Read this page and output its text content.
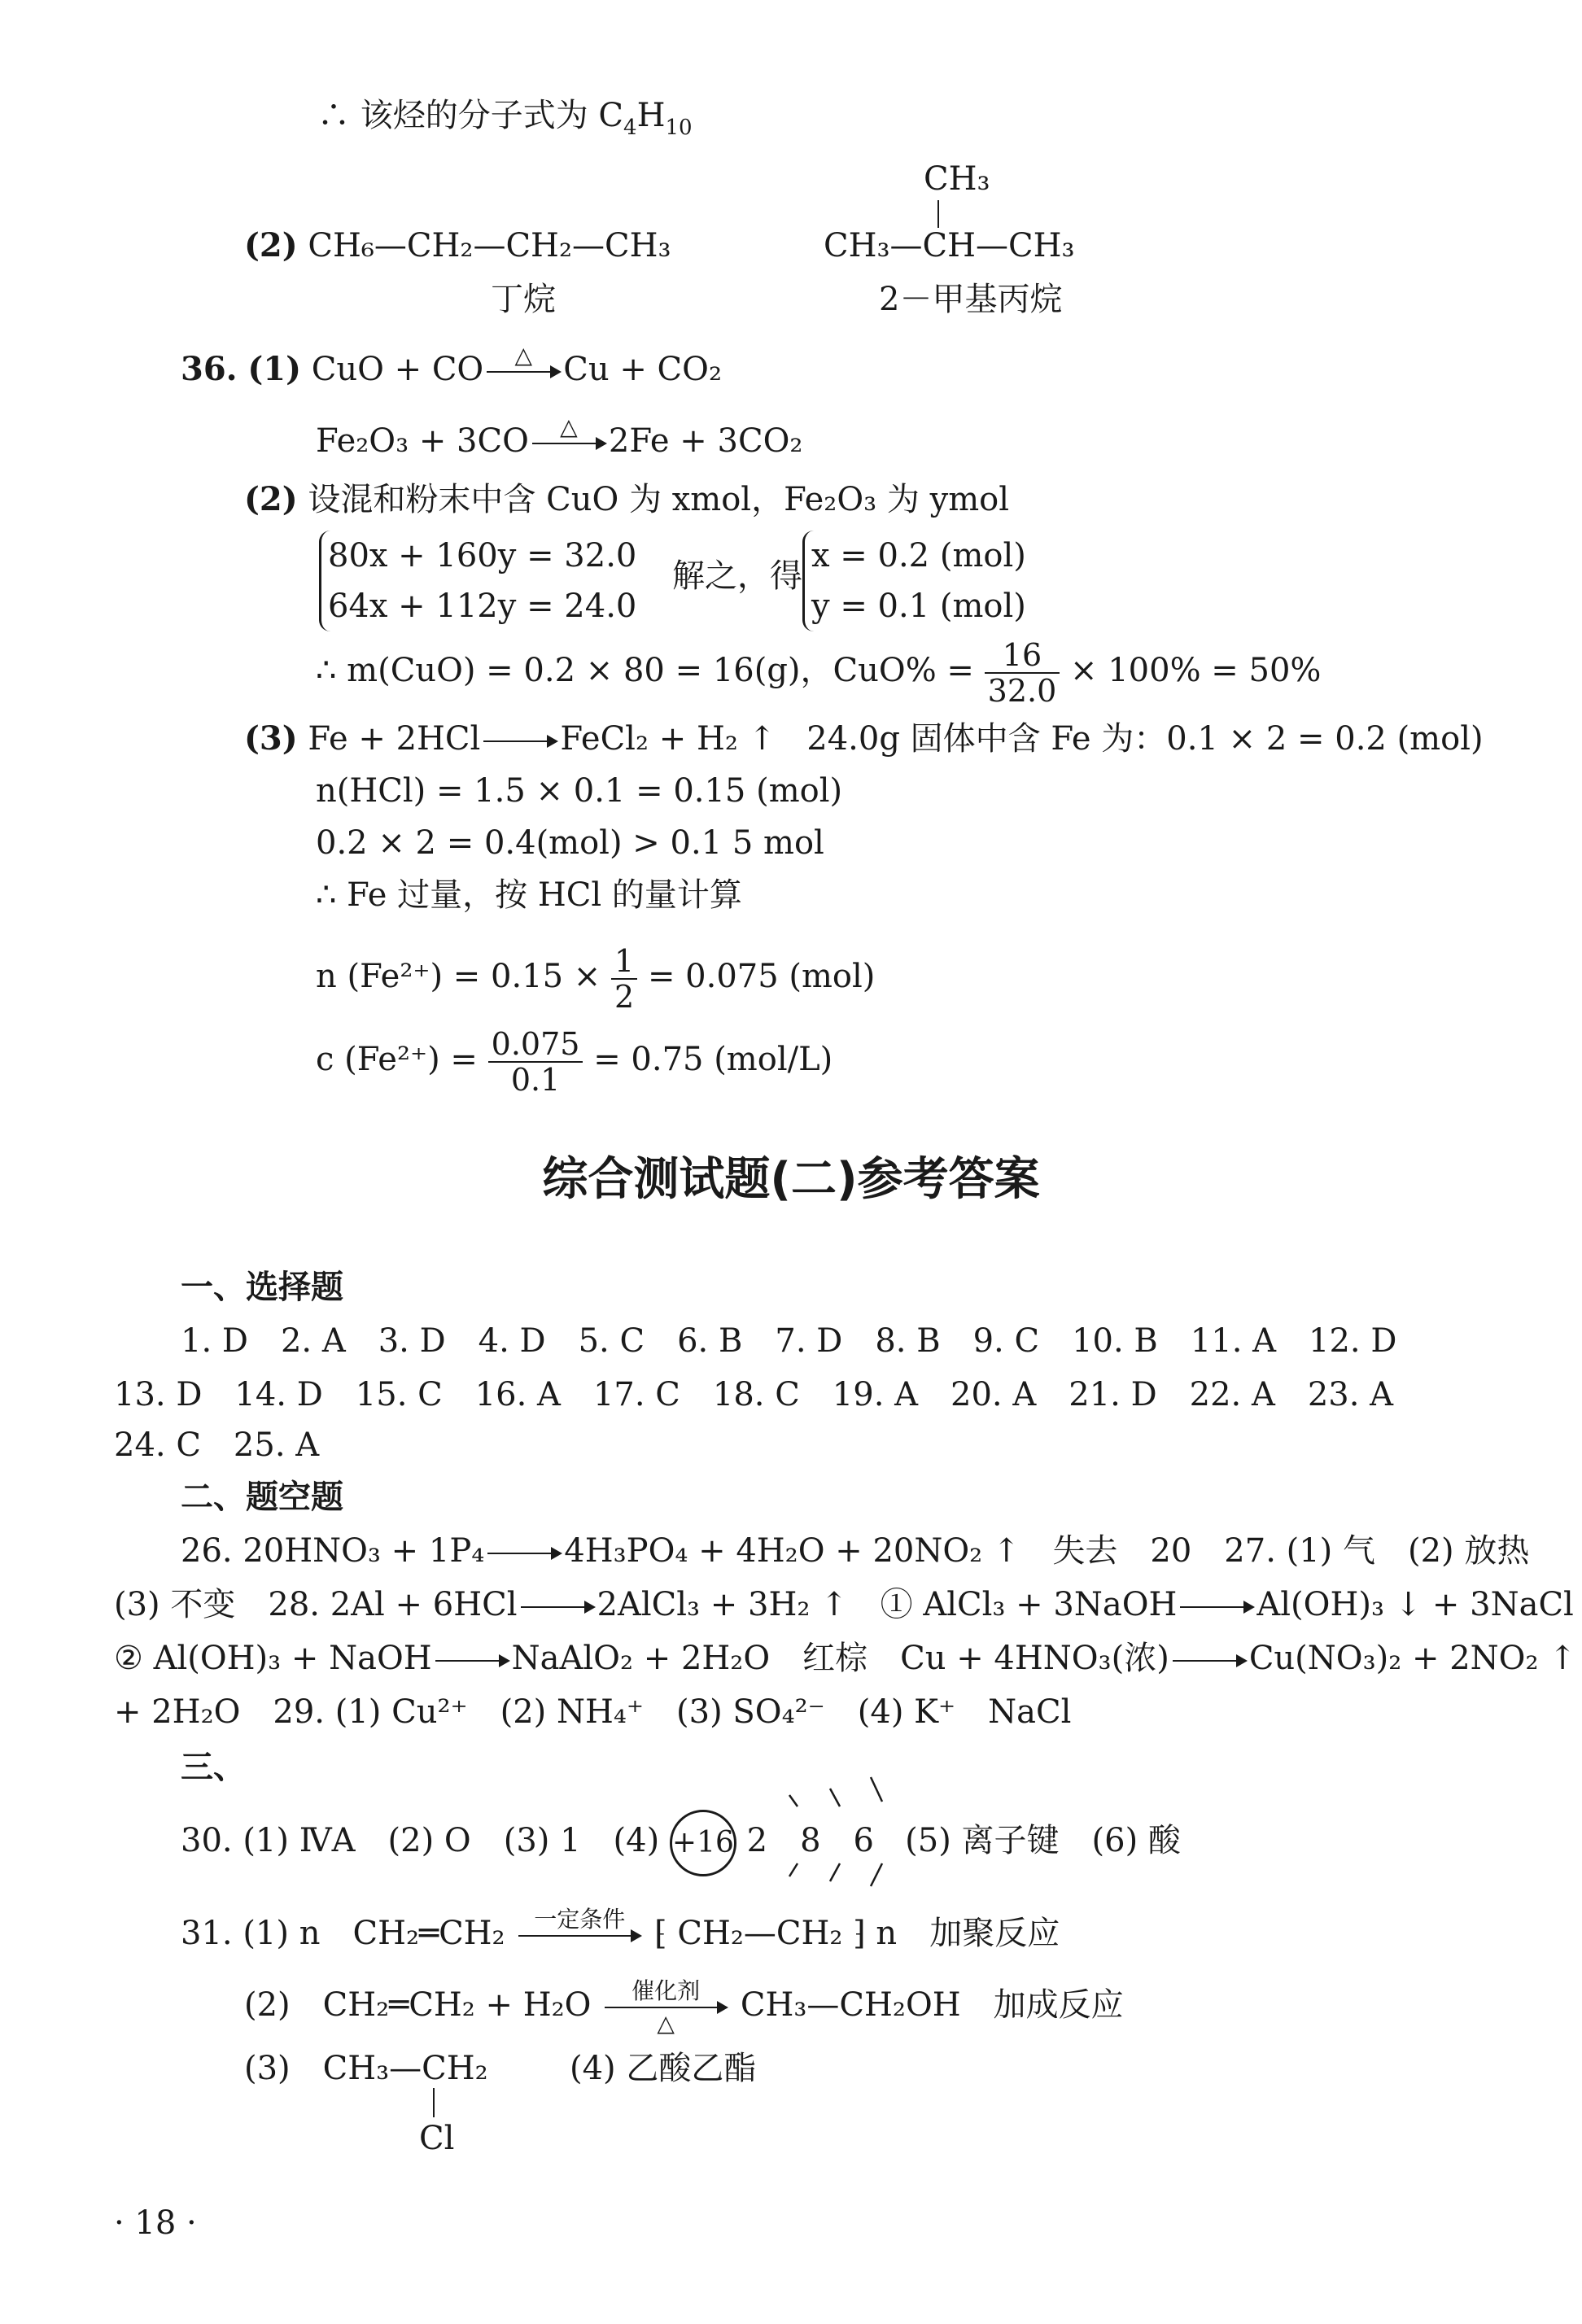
∴ 该烃的分子式为 $C_4H_{10}$
CH₃
(2) CH₆—CH₂—CH₂—CH₃	CH₃—CH—CH₃
丁烷	2－甲基丙烷
36. (1) CuO + CO	△ Cu + CO₂
Fe₂O₃ + 3CO	△ 2Fe + 3CO₂
(2) 设混和粉末中含 CuO 为 xmol，Fe₂O₃ 为 ymol
80x + 160y = 32.0
64x + 112y = 24.0
解之，得
x = 0.2 (mol)
y = 0.1 (mol)
∴ m(CuO) = 0.2 × 80 = 16(g)，$CuO\% = \frac{16}{32.0} \times 100\% = 50\%$
(3) Fe + 2HCl → FeCl₂ + H₂ ↑ 24.0g 固体中含 Fe 为：0.1 × 2 = 0.2 (mol)
n(HCl) = 1.5 × 0.1 = 0.15 (mol)
0.2 × 2 = 0.4(mol) > 0.1 5 mol
∴ Fe 过量，按 HCl 的量计算
n $(Fe^{2+}) = 0.15 \times \frac{1}{2} = 0.075$ (mol)
c $(Fe^{2+}) = \frac{0.075}{0.1} = 0.75$ (mol/L)
综合测试题(二)参考答案
一、选择题
1. D　2. A　3. D　4. D　5. C　6. B　7. D　8. B　9. C　10. B　11. A　12. D
13. D　14. D　15. C　16. A　17. C　18. C　19. A　20. A　21. D　22. A　23. A
24. C　25. A
二、题空题
26. 20HNO₃ + 1P₄ → 4H₃PO₄ + 4H₂O + 20NO₂ ↑　失去　20　27. (1) 气　(2) 放热
(3) 不变　28. 2Al + 6HCl → 2AlCl₃ + 3H₂ ↑　① AlCl₃ + 3NaOH → Al(OH)₃ ↓ + 3NaCl
② Al(OH)₃ + NaOH → NaAlO₂ + 2H₂O　红棕　Cu + 4HNO₃(浓) → Cu(NO₃)₂ + 2NO₂ ↑
+ 2H₂O　29. (1) Cu²⁺　(2) NH₄⁺　(3) SO₄²⁻　(4) K⁺　NaCl
三、
30. (1) ⅣA　(2) O　(3) 1　(4) +16 2　8　6 (5) 离子键　(6) 酸
31. (1) n　CH₂═CH₂	一定条件 ⁅ CH₂—CH₂ ⁆ n　加聚反应
(2)　CH₂═CH₂ + H₂O	催化剂
△	CH₃—CH₂OH　加成反应
(3)　CH₃—CH₂	(4) 乙酸乙酯
Cl
· 18 ·
